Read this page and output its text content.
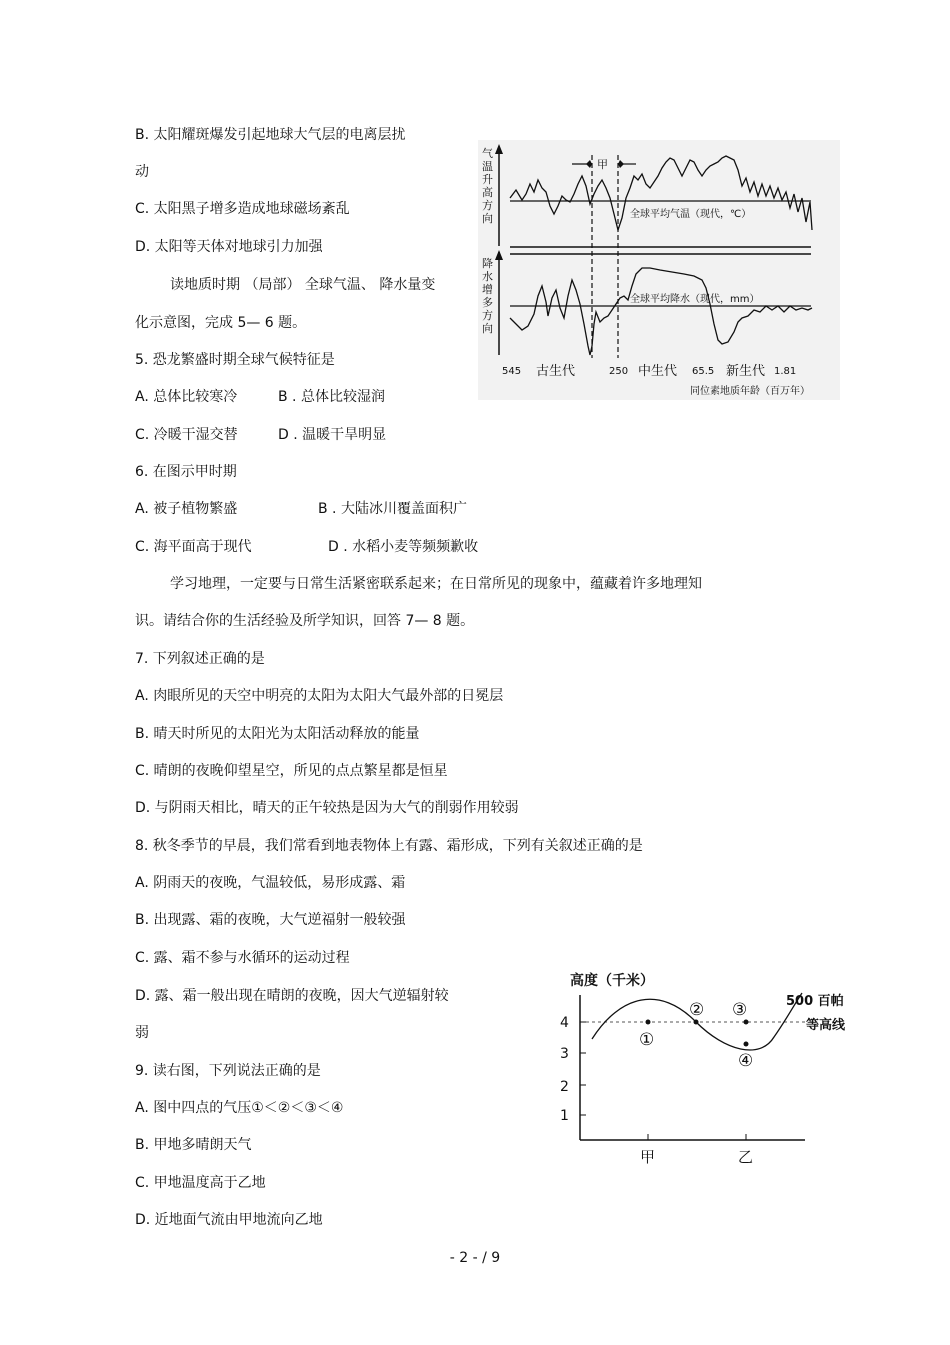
B. 太阳耀斑爆发引起地球大气层的电离层扰
动
C. 太阳黑子增多造成地球磁场紊乱
D. 太阳等天体对地球引力加强
读地质时期 （局部） 全球气温、 降水量变
化示意图，完成 5— 6 题。
5. 恐龙繁盛时期全球气候特征是
A. 总体比较寒冷	B . 总体比较湿润
C. 冷暖干湿交替	D . 温暖干旱明显
6. 在图示甲时期
A. 被子植物繁盛	B . 大陆冰川覆盖面积广
C. 海平面高于现代	D . 水稻小麦等频频歉收
学习地理，一定要与日常生活紧密联系起来；在日常所见的现象中，蕴藏着许多地理知
识。请结合你的生活经验及所学知识，回答 7— 8 题。
7. 下列叙述正确的是
A. 肉眼所见的天空中明亮的太阳为太阳大气最外部的日冕层
B. 晴天时所见的太阳光为太阳活动释放的能量
C. 晴朗的夜晚仰望星空，所见的点点繁星都是恒星
D. 与阴雨天相比，晴天的正午较热是因为大气的削弱作用较弱
8. 秋冬季节的早晨，我们常看到地表物体上有露、霜形成，下列有关叙述正确的是
A. 阴雨天的夜晚，气温较低，易形成露、霜
B. 出现露、霜的夜晚，大气逆福射一般较强
C. 露、霜不参与水循环的运动过程
D. 露、霜一般出现在晴朗的夜晚，因大气逆辐射较
弱
9. 读右图，下列说法正确的是
A. 图中四点的气压①＜②＜③＜④
B. 甲地多晴朗天气
C. 甲地温度高于乙地
D. 近地面气流由甲地流向乙地
气
温
升
高
方
向
降
水
增
多
方
向
甲
全球平均气温（现代，℃）
全球平均降水（现代，mm）
545	250	65.5	1.81
古生代	中生代	新生代
同位素地质年龄（百万年）
高度（千米）
4
3
2
1
①
② ③
④
500 百帕
等高线
甲	乙
- 2 - / 9
